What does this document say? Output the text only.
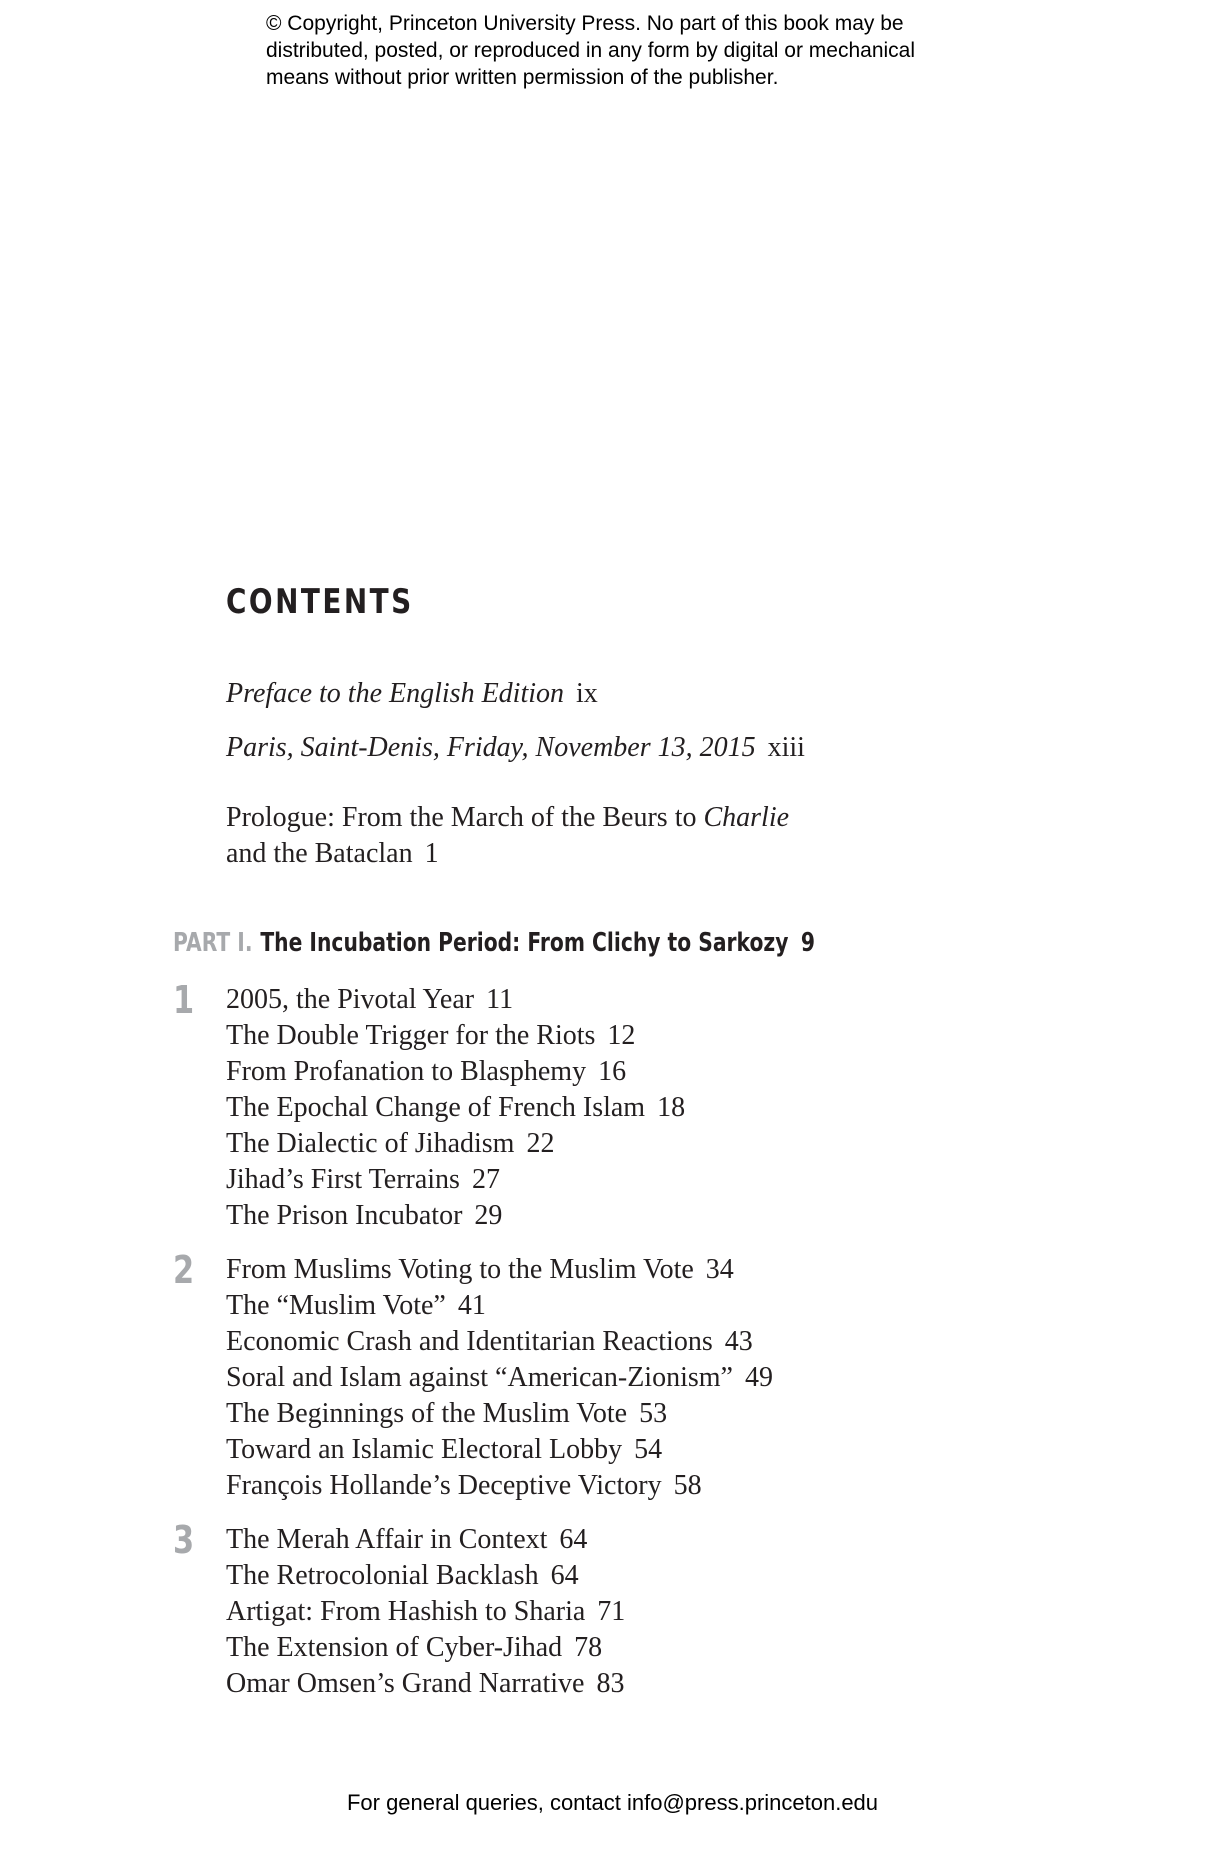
© Copyright, Princeton University Press. No part of this book may be
distributed, posted, or reproduced in any form by digital or mechanical
means without prior written permission of the publisher.
CONTENTS
Preface to the English Edition ix
Paris, Saint-Denis, Friday, November 13, 2015 xiii
Prologue: From the March of the Beurs to Charlie
and the Bataclan 1
PART I. The Incubation Period: From Clichy to Sarkozy 9
1 2005, the Pivotal Year 11
The Double Trigger for the Riots 12
From Profanation to Blasphemy 16
The Epochal Change of French Islam 18
The Dialectic of Jihadism 22
Jihad’s First Terrains 27
The Prison Incubator 29
2 From Muslims Voting to the Muslim Vote 34
The “Muslim Vote” 41
Economic Crash and Identitarian Reactions 43
Soral and Islam against “American-Zionism” 49
The Beginnings of the Muslim Vote 53
Toward an Islamic Electoral Lobby 54
François Hollande’s Deceptive Victory 58
3 The Merah Affair in Context 64
The Retrocolonial Backlash 64
Artigat: From Hashish to Sharia 71
The Extension of Cyber-Jihad 78
Omar Omsen’s Grand Narrative 83
For general queries, contact info@press.princeton.edu
